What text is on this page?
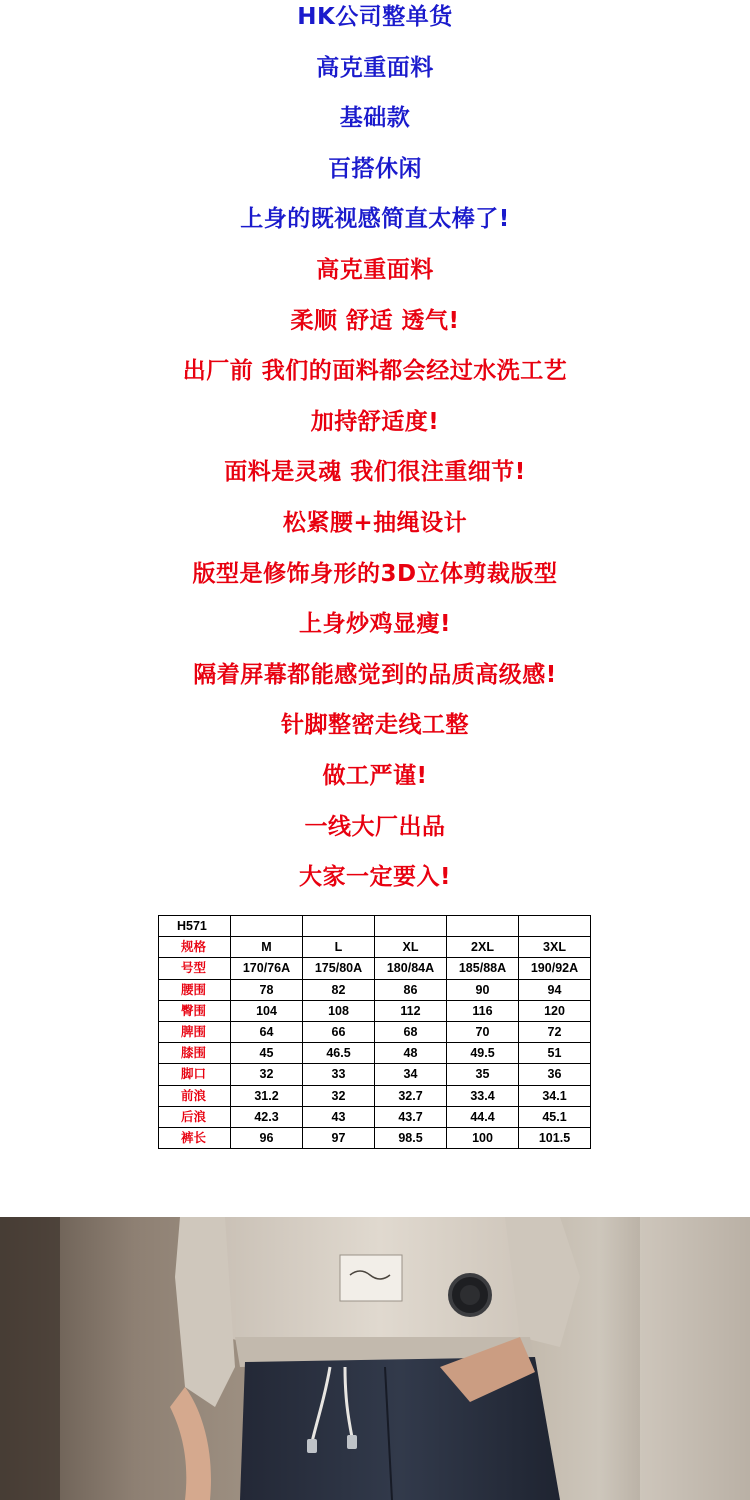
HK公司整单货
高克重面料
基础款
百搭休闲
上身的既视感简直太棒了!
高克重面料
柔顺 舒适 透气!
出厂前 我们的面料都会经过水洗工艺
加持舒适度!
面料是灵魂 我们很注重细节!
松紧腰+抽绳设计
版型是修饰身形的3D立体剪裁版型
上身炒鸡显瘦!
隔着屏幕都能感觉到的品质高级感!
针脚整密走线工整
做工严谨!
一线大厂出品
大家一定要入!
H571					
规格	M	L	XL	2XL	3XL
号型	170/76A	175/80A	180/84A	185/88A	190/92A
腰围	78	82	86	90	94
臀围	104	108	112	116	120
脾围	64	66	68	70	72
膝围	45	46.5	48	49.5	51
脚口	32	33	34	35	36
前浪	31.2	32	32.7	33.4	34.1
后浪	42.3	43	43.7	44.4	45.1
裤长	96	97	98.5	100	101.5
